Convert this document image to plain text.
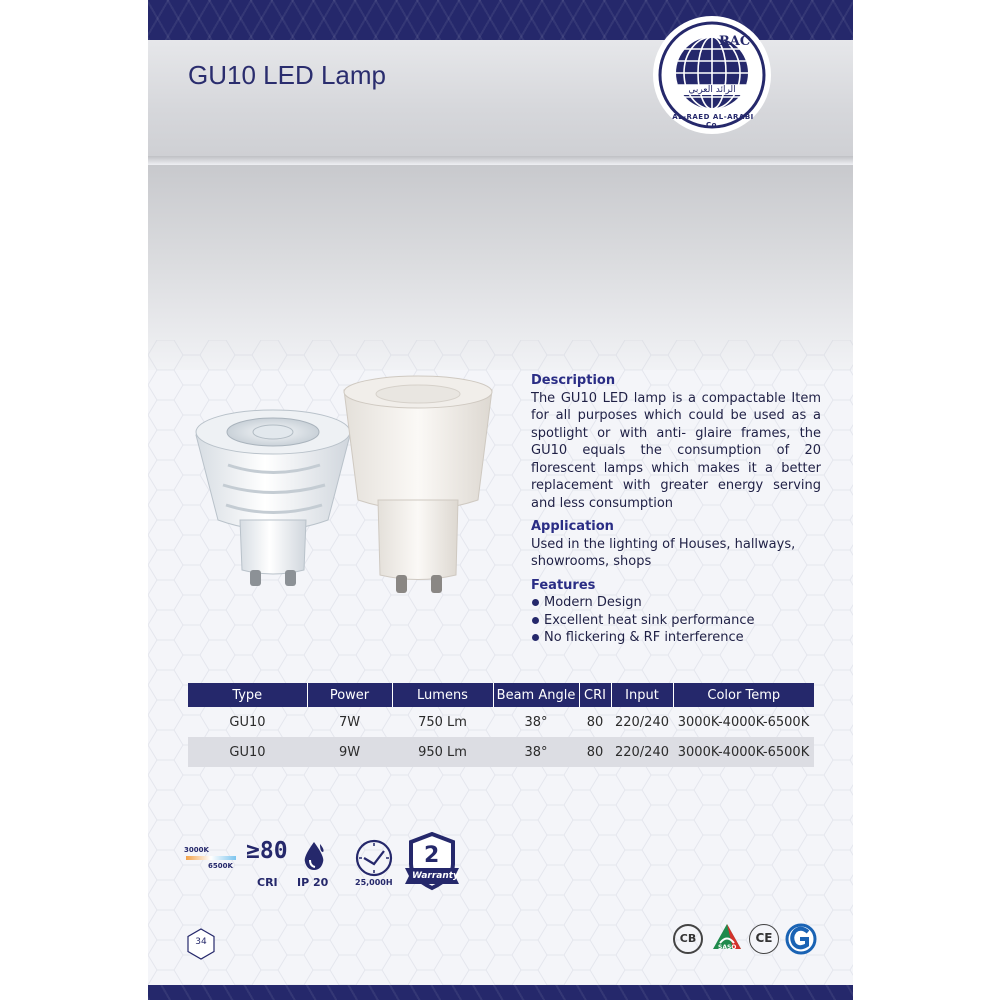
GU10 LED Lamp
RAC
الرائد العربي
AL-RAED AL-ARABI Co.
Description

The GU10 LED lamp is a compactable Item for all purposes which could be used as a spotlight or with anti- glaire frames, the GU10 equals the consumption of 20 florescent lamps which makes it a better replacement with greater energy serving and less consumption

Application

Used in the lighting of Houses, hallways, showrooms, shops

Features
Modern Design
Excellent heat sink performance
No flickering & RF interference
Type	Power	Lumens	Beam Angle	CRI	Input	Color Temp
GU10	7W	750 Lm	38°	80	220/240	3000K-4000K-6500K
GU10	9W	950 Lm	38°	80	220/240	3000K-4000K-6500K
3000K
6500K
≥80
CRI IP 20	25,000H
2
Warranty
34	CB
SASO
CE
